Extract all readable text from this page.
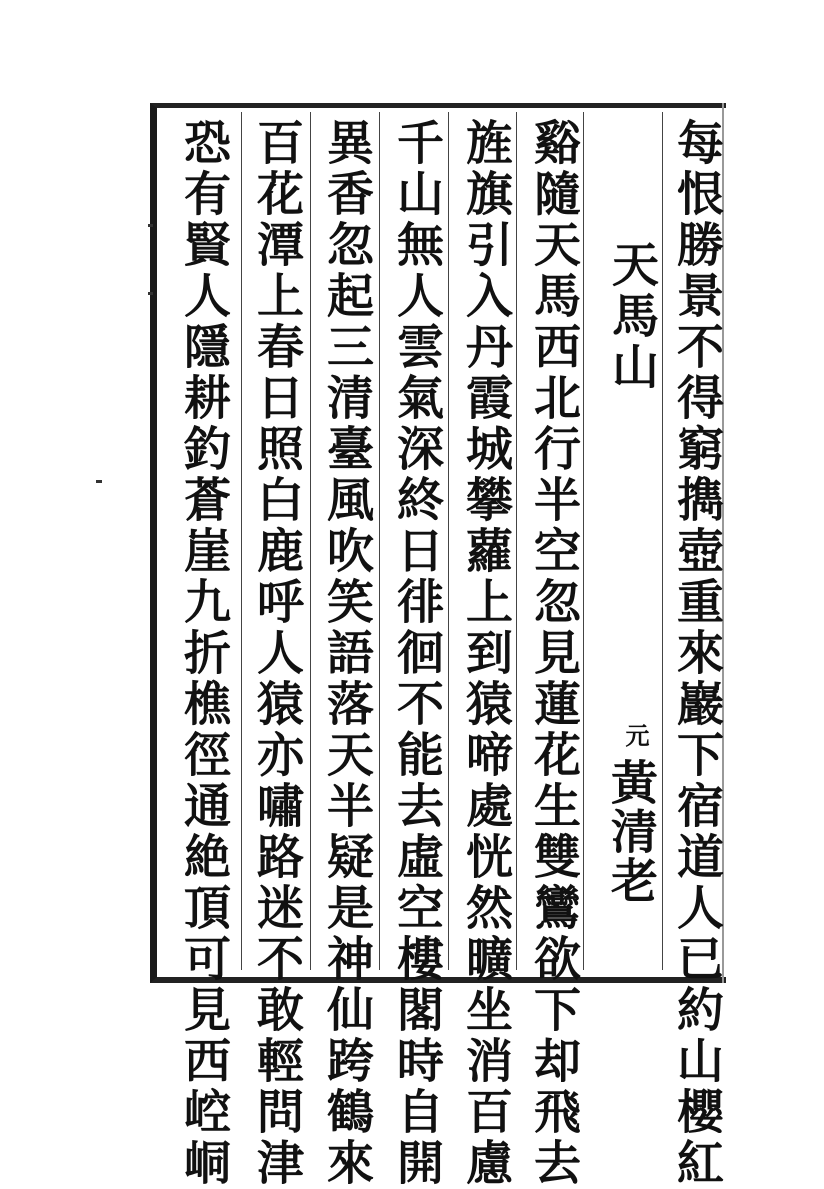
每恨勝景不得窮擕壺重來巖下宿道人已約山櫻紅
天馬山
元
黃清老
谿隨天馬西北行半空忽見蓮花生雙鸞欲下却飛去
旌旗引入丹霞城攀蘿上到猿啼處恍然曠坐消百慮
千山無人雲氣深終日徘徊不能去虛空樓閣時自開
異香忽起三清臺風吹笑語落天半疑是神仙跨鶴來
百花潭上春日照白鹿呼人猿亦嘯路迷不敢輕問津
恐有賢人隱耕釣蒼崖九折樵徑通絶頂可見西崆峒
